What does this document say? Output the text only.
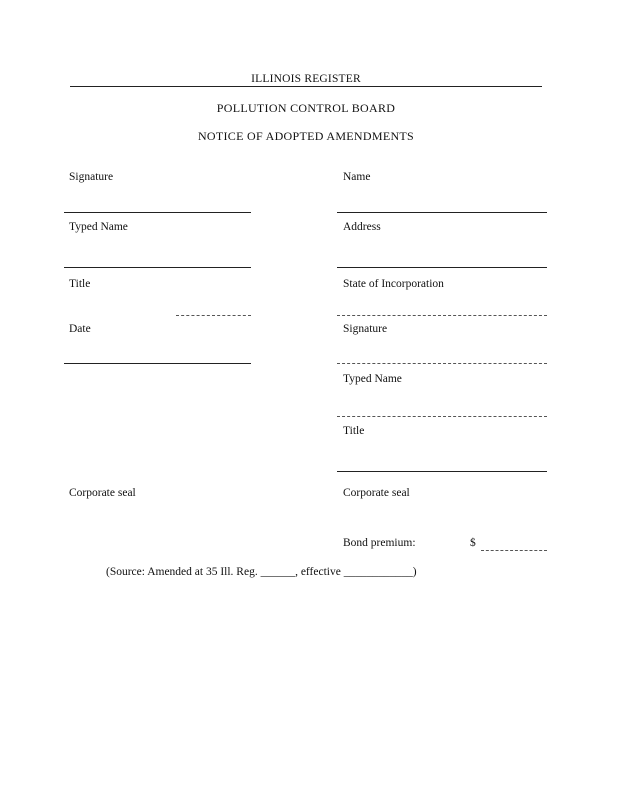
ILLINOIS REGISTER
POLLUTION CONTROL BOARD
NOTICE OF ADOPTED AMENDMENTS
Signature
Typed Name
Title
Date
Corporate seal
Name
Address
State of Incorporation
Signature
Typed Name
Title
Corporate seal
Bond premium:	$
(Source: Amended at 35 Ill. Reg. ______, effective ____________)
